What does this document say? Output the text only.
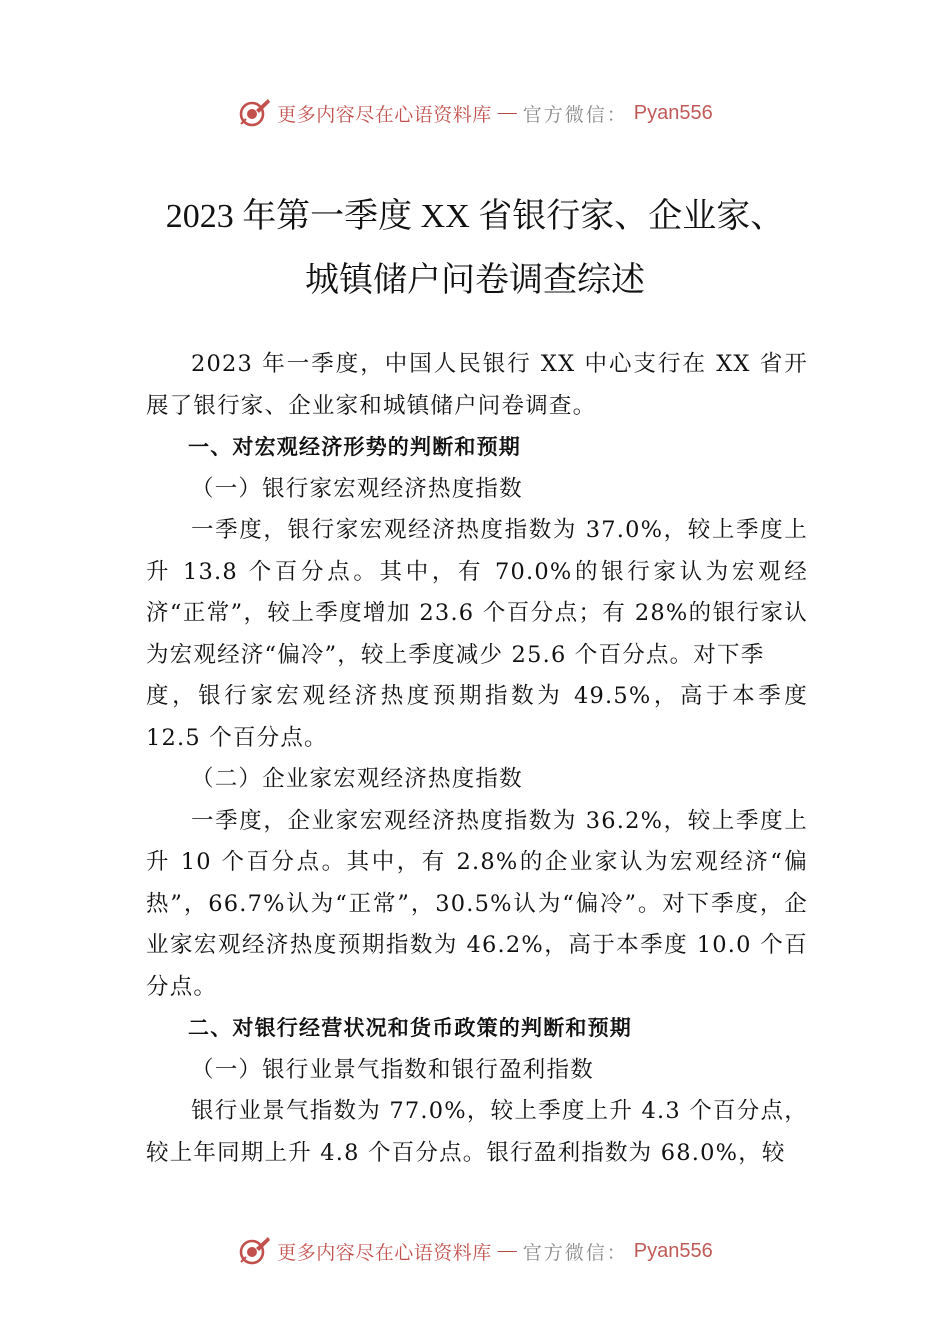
更多内容尽在心语资料库 — 官方微信： Pyan556
2023 年第一季度 XX 省银行家、企业家、
城镇储户问卷调查综述

2023 年一季度，中国人民银行 XX 中心支行在 XX 省开展了银行家、企业家和城镇储户问卷调查。

一、对宏观经济形势的判断和预期

（一）银行家宏观经济热度指数

一季度，银行家宏观经济热度指数为 37.0%，较上季度上升 13.8 个百分点。其中，有 70.0%的银行家认为宏观经济“正常”，较上季度增加 23.6 个百分点；有 28%的银行家认为宏观经济“偏冷”，较上季度减少 25.6 个百分点。对下季

度，银行家宏观经济热度预期指数为 49.5%，高于本季度 12.5 个百分点。

（二）企业家宏观经济热度指数

一季度，企业家宏观经济热度指数为 36.2%，较上季度上升 10 个百分点。其中，有 2.8%的企业家认为宏观经济“偏热”，66.7%认为“正常”，30.5%认为“偏冷”。对下季度，企业家宏观经济热度预期指数为 46.2%，高于本季度 10.0 个百分点。

二、对银行经营状况和货币政策的判断和预期

（一）银行业景气指数和银行盈利指数

银行业景气指数为 77.0%，较上季度上升 4.3 个百分点，较上年同期上升 4.8 个百分点。银行盈利指数为 68.0%，较

更多内容尽在心语资料库 — 官方微信： Pyan556
